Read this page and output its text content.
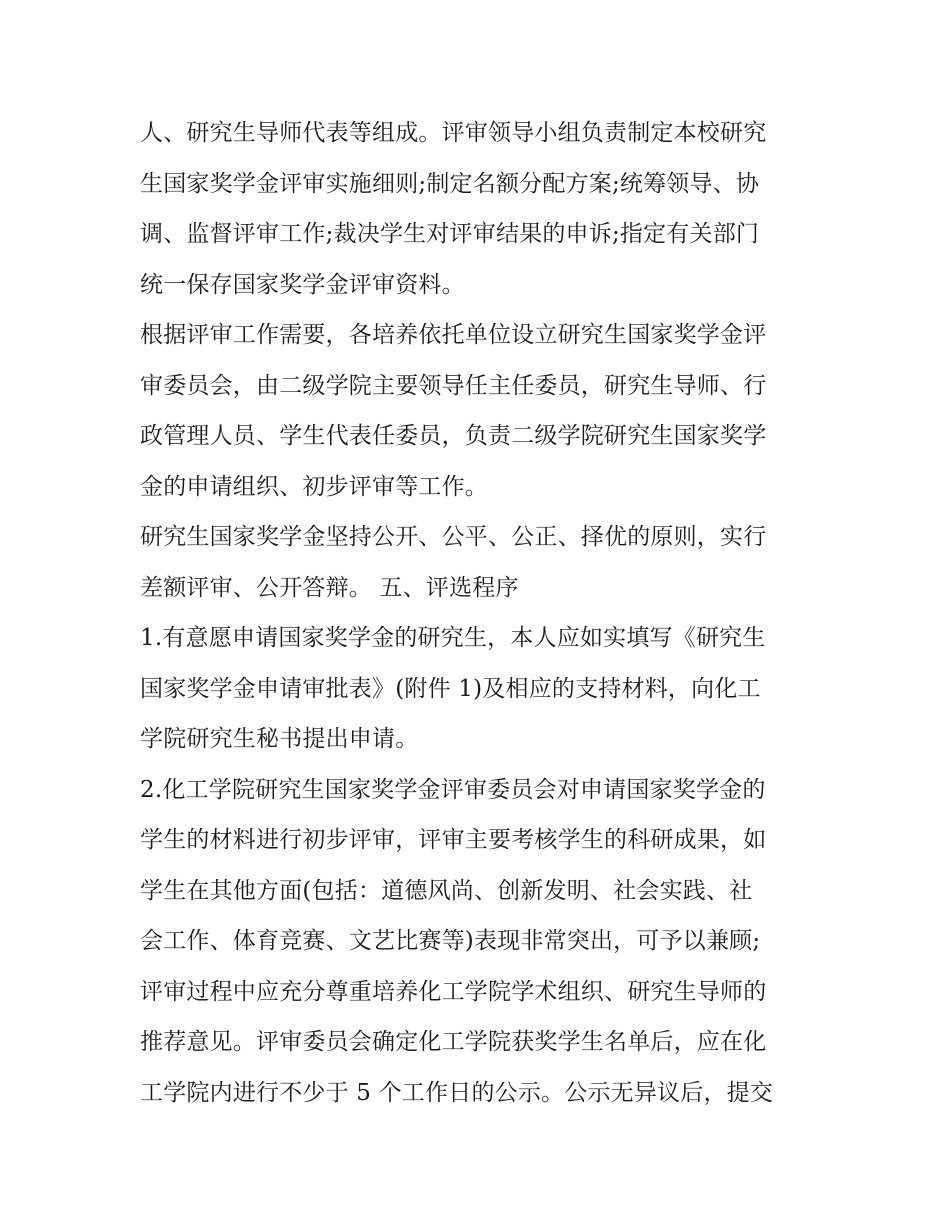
人、研究生导师代表等组成。评审领导小组负责制定本校研究
生国家奖学金评审实施细则;制定名额分配方案;统筹领导、协
调、监督评审工作;裁决学生对评审结果的申诉;指定有关部门
统一保存国家奖学金评审资料。
根据评审工作需要，各培养依托单位设立研究生国家奖学金评
审委员会，由二级学院主要领导任主任委员，研究生导师、行
政管理人员、学生代表任委员，负责二级学院研究生国家奖学
金的申请组织、初步评审等工作。
研究生国家奖学金坚持公开、公平、公正、择优的原则，实行
差额评审、公开答辩。 五、评选程序
1.有意愿申请国家奖学金的研究生，本人应如实填写《研究生
国家奖学金申请审批表》(附件 1)及相应的支持材料，向化工
学院研究生秘书提出申请。
2.化工学院研究生国家奖学金评审委员会对申请国家奖学金的
学生的材料进行初步评审，评审主要考核学生的科研成果，如
学生在其他方面(包括：道德风尚、创新发明、社会实践、社
会工作、体育竞赛、文艺比赛等)表现非常突出，可予以兼顾;
评审过程中应充分尊重培养化工学院学术组织、研究生导师的
推荐意见。评审委员会确定化工学院获奖学生名单后，应在化
工学院内进行不少于 5 个工作日的公示。公示无异议后，提交
